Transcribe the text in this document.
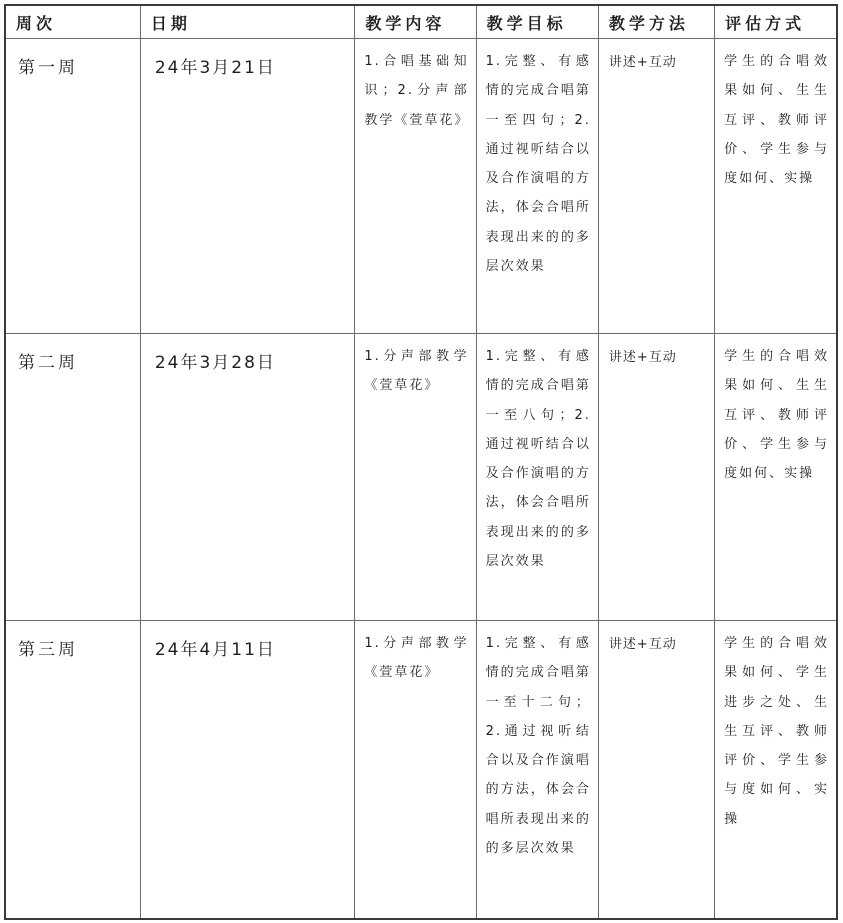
周次	日期	教学内容	教学目标	教学方法	评估方式
第一周	24年3月21日	1.合唱基础知识；2.分声部教学《萱草花》	1.完整、有感情的完成合唱第一至四句；2.通过视听结合以及合作演唱的方法，体会合唱所表现出来的的多层次效果	讲述+互动	学生的合唱效果如何、生生互评、教师评价、学生参与度如何、实操
第二周	24年3月28日	1.分声部教学《萱草花》	1.完整、有感情的完成合唱第一至八句；2.通过视听结合以及合作演唱的方法，体会合唱所表现出来的的多层次效果	讲述+互动	学生的合唱效果如何、生生互评、教师评价、学生参与度如何、实操
第三周	24年4月11日	1.分声部教学《萱草花》	1.完整、有感情的完成合唱第一至十二句；2.通过视听结合以及合作演唱的方法，体会合唱所表现出来的的多层次效果	讲述+互动	学生的合唱效果如何、学生进步之处、生生互评、教师评价、学生参与度如何、实操
